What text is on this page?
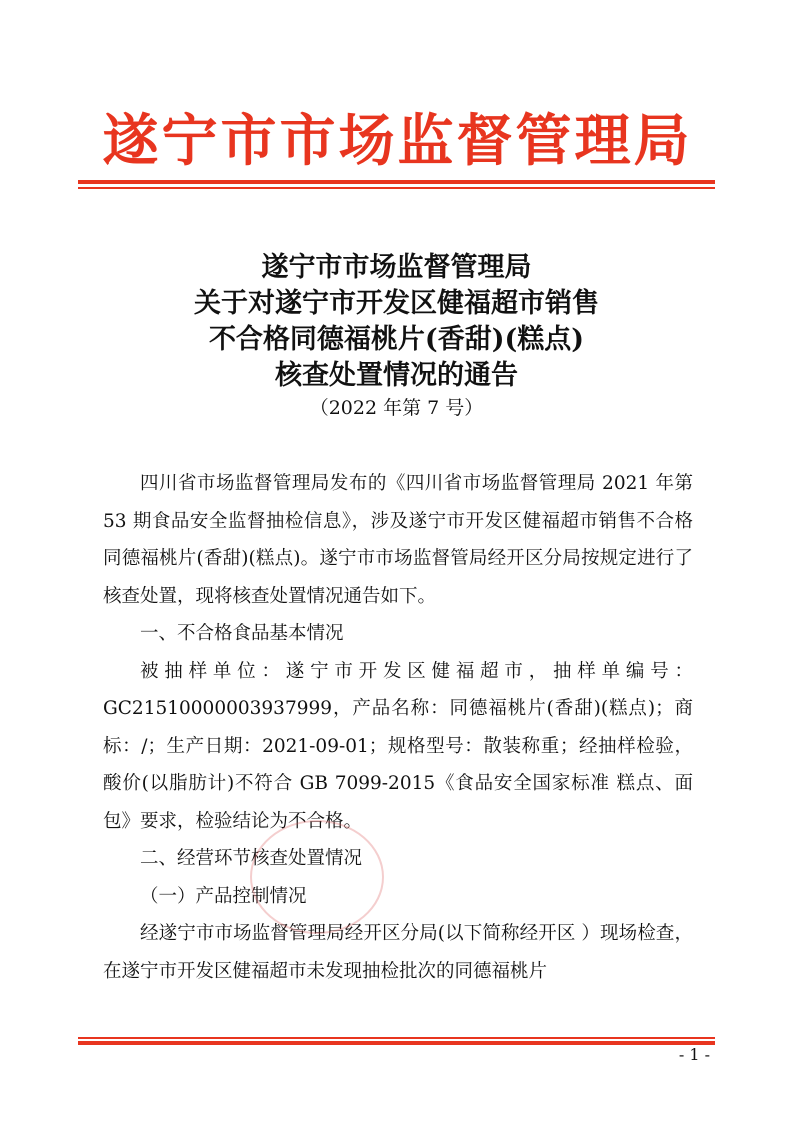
遂宁市市场监督管理局
遂宁市市场监督管理局
关于对遂宁市开发区健福超市销售
不合格同德福桃片(香甜)(糕点)
核查处置情况的通告
（2022 年第 7 号）

四川省市场监督管理局发布的《四川省市场监督管理局 2021 年第 53 期食品安全监督抽检信息》，涉及遂宁市开发区健福超市销售不合格同德福桃片(香甜)(糕点)。遂宁市市场监督管局经开区分局按规定进行了核查处置，现将核查处置情况通告如下。

一、不合格食品基本情况

被抽样单位：遂宁市开发区健福超市，抽样单编号：GC21510000003937999，产品名称：同德福桃片(香甜)(糕点)；商标：/；生产日期：2021-09-01；规格型号：散装称重；经抽样检验，酸价(以脂肪计)不符合 GB 7099-2015《食品安全国家标准 糕点、面包》要求，检验结论为不合格。

二、经营环节核查处置情况

（一）产品控制情况

经遂宁市市场监督管理局经开区分局(以下简称经开区 ）现场检查，在遂宁市开发区健福超市未发现抽检批次的同德福桃片

- 1 -
